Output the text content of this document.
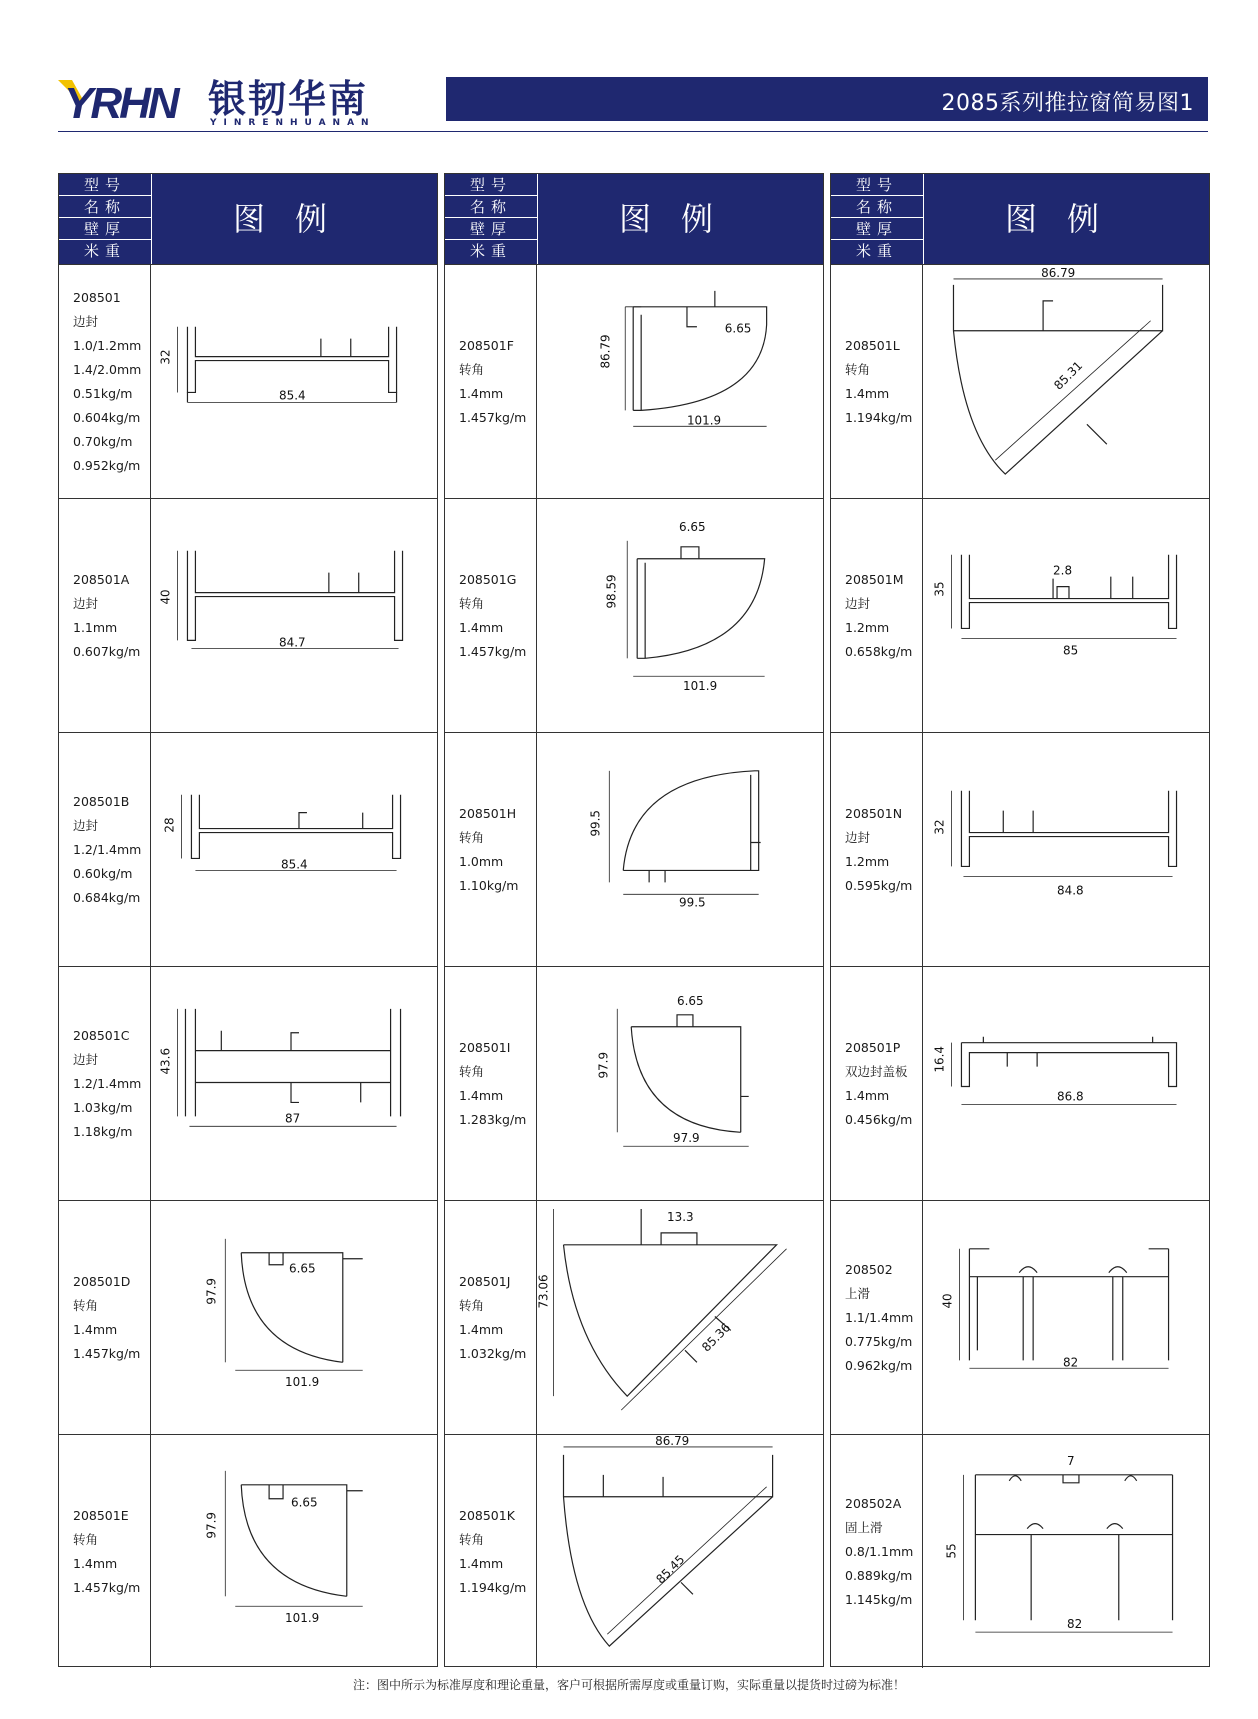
YRHN 银韧华南
YINRENHUANAN
2085系列推拉窗简易图1
型号
名称
壁厚
米重
图例
208501
边封
1.0/1.2mm
1.4/2.0mm
0.51kg/m
0.604kg/m
0.70kg/m
0.952kg/m
32
85.4
208501A
边封
1.1mm
0.607kg/m
40
84.7
208501B
边封
1.2/1.4mm
0.60kg/m
0.684kg/m
28
85.4
208501C
边封
1.2/1.4mm
1.03kg/m
1.18kg/m
43.6
87
208501D
转角
1.4mm
1.457kg/m
97.9
6.65
101.9
208501E
转角
1.4mm
1.457kg/m
97.9
6.65
101.9
型号
名称
壁厚
米重
图例
208501F
转角
1.4mm
1.457kg/m
86.79
6.65
101.9
208501G
转角
1.4mm
1.457kg/m
98.59
6.65
101.9
208501H
转角
1.0mm
1.10kg/m
99.5
99.5
208501I
转角
1.4mm
1.283kg/m
97.9
6.65
97.9
208501J
转角
1.4mm
1.032kg/m
73.06
13.3
85.36
208501K
转角
1.4mm
1.194kg/m
86.79
85.45
型号
名称
壁厚
米重
图例
208501L
转角
1.4mm
1.194kg/m
86.79
85.31
208501M
边封
1.2mm
0.658kg/m
35
2.8
85
208501N
边封
1.2mm
0.595kg/m
32
84.8
208501P
双边封盖板
1.4mm
0.456kg/m
16.4
86.8
208502
上滑
1.1/1.4mm
0.775kg/m
0.962kg/m
40
82
208502A
固上滑
0.8/1.1mm
0.889kg/m
1.145kg/m
55
7
82
注：图中所示为标准厚度和理论重量，客户可根据所需厚度或重量订购，实际重量以提货时过磅为标准！
